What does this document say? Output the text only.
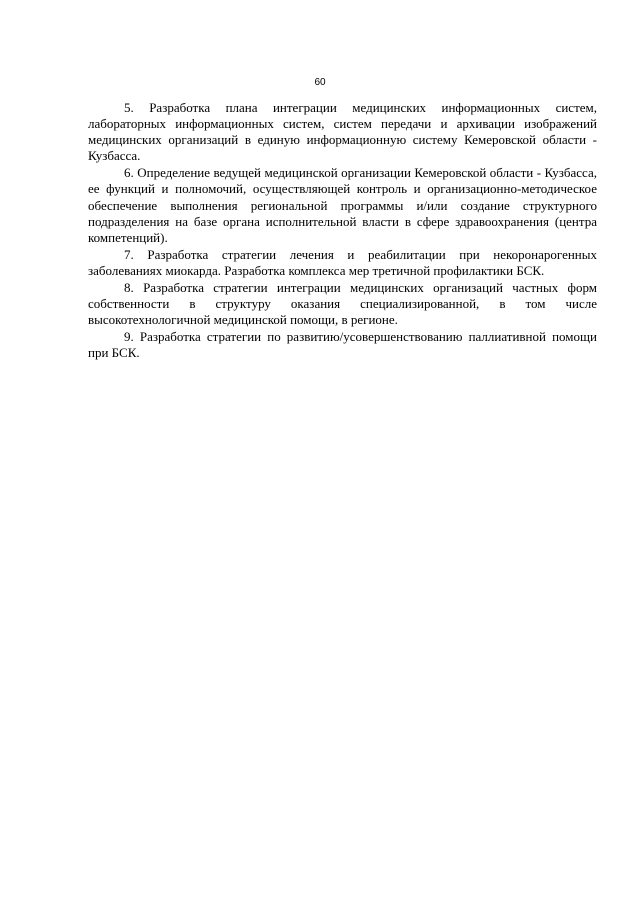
60

5. Разработка плана интеграции медицинских информационных систем, лабораторных информационных систем, систем передачи и архивации изображений медицинских организаций в единую информационную систему Кемеровской области - Кузбасса.

6. Определение ведущей медицинской организации Кемеровской области - Кузбасса, ее функций и полномочий, осуществляющей контроль и организационно-методическое обеспечение выполнения региональной программы и/или создание структурного подразделения на базе органа исполнительной власти в сфере здравоохранения (центра компетенций).

7. Разработка стратегии лечения и реабилитации при некоронарогенных заболеваниях миокарда. Разработка комплекса мер третичной профилактики БСК.

8. Разработка стратегии интеграции медицинских организаций частных форм собственности в структуру оказания специализированной, в том числе высокотехнологичной медицинской помощи, в регионе.

9. Разработка стратегии по развитию/усовершенствованию паллиативной помощи при БСК.
